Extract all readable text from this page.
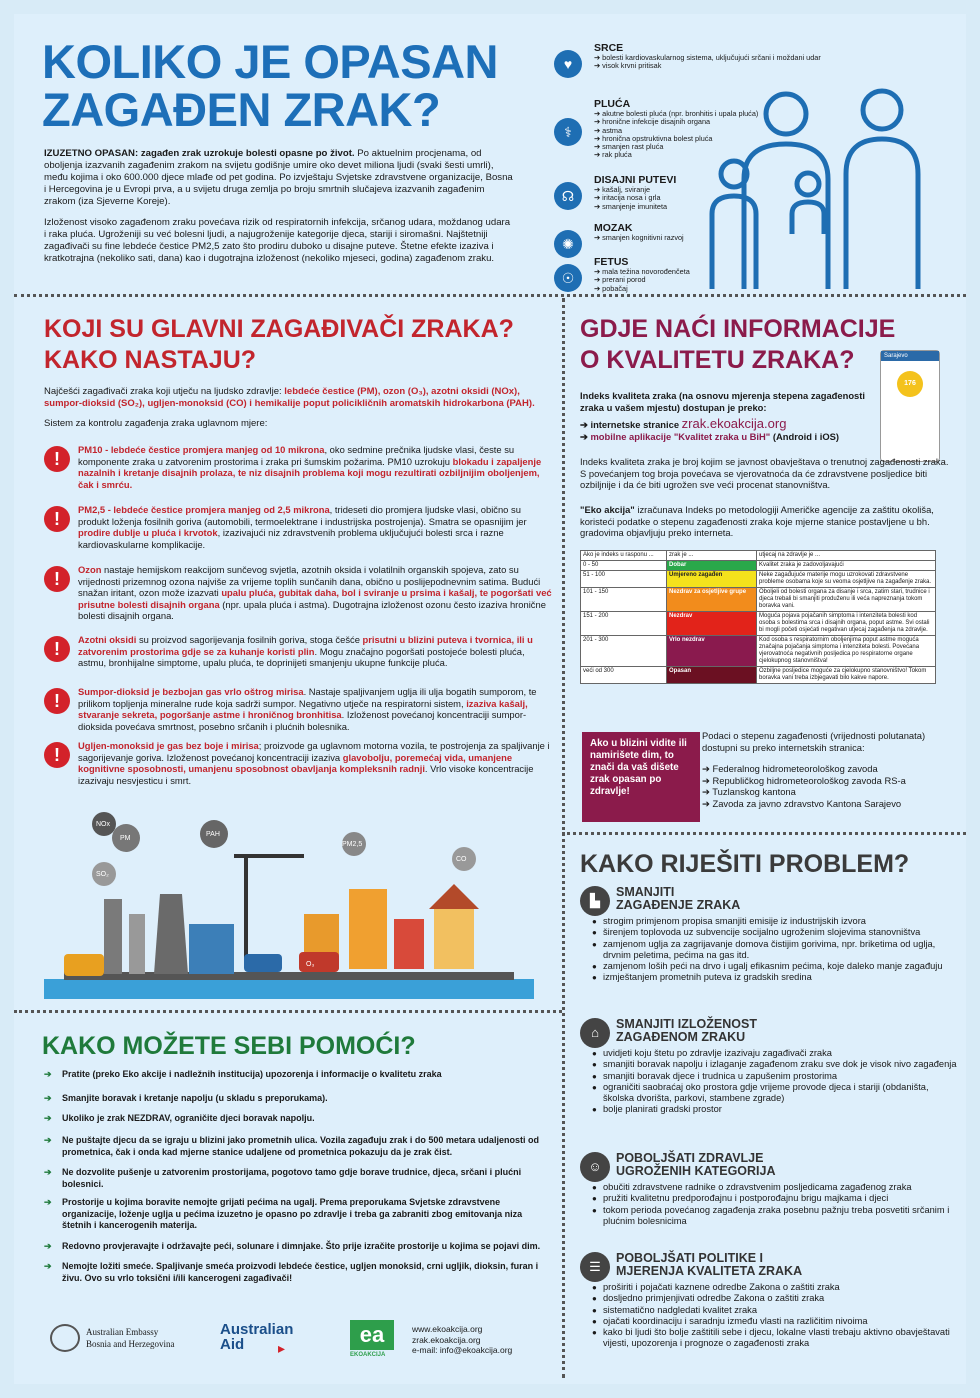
KOLIKO JE OPASAN
ZAGAĐEN ZRAK?

IZUZETNO OPASAN: zagađen zrak uzrokuje bolesti opasne po život. Po aktuelnim procjenama, od oboljenja izazvanih zagađenim zrakom na svijetu godišnje umire oko devet miliona ljudi (svaki šesti umrli), među kojima i oko 600.000 djece mlađe od pet godina. Po izvještaju Svjetske zdravstvene organizacije, Bosna i Hercegovina je u Evropi prva, a u svijetu druga zemlja po broju smrtnih slučajeva izazvanih zagađenim zrakom (iza Sjeverne Koreje).

Izloženost visoko zagađenom zraku povećava rizik od respiratornih infekcija, srčanog udara, moždanog udara i raka pluća. Ugroženiji su već bolesni ljudi, a najugroženije kategorije djeca, stariji i siromašni. Najštetniji zagađivači su fine lebdeće čestice PM2,5 zato što prodiru duboko u disajne puteve. Štetne efekte izaziva i kratkotrajna (nekoliko sati, dana) kao i dugotrajna izloženost (nekoliko mjeseci, godina) zagađenom zraku.

♥
SRCE
➔ bolesti kardiovaskularnog sistema, uključujući srčani i moždani udar
➔ visok krvni pritisak
⚕
PLUĆA
➔ akutne bolesti pluća (npr. bronhitis i upala pluća)
➔ hronične infekcije disajnih organa
➔ astma
➔ hronična opstruktivna bolest pluća
➔ smanjen rast pluća
➔ rak pluća
☊
DISAJNI PUTEVI
➔ kašalj, sviranje
➔ iritacija nosa i grla
➔ smanjenje imuniteta
✺
MOZAK
➔ smanjen kognitivni razvoj
☉
FETUS
➔ mala težina novorođenčeta
➔ prerani porod
➔ pobačaj
KOJI SU GLAVNI ZAGAĐIVAČI ZRAKA?
KAKO NASTAJU?

Najčešći zagađivači zraka koji utječu na ljudsko zdravlje: lebdeće čestice (PM), ozon (O₃), azotni oksidi (NOx), sumpor-dioksid (SO₂), ugljen-monoksid (CO) i hemikalije poput policikličnih aromatskih hidrokarbona (PAH).

Sistem za kontrolu zagađenja zraka uglavnom mjere:

!	PM10 - lebdeće čestice promjera manjeg od 10 mikrona, oko sedmine prečnika ljudske vlasi, česte su komponente zraka u zatvorenim prostorima i zraka pri šumskim požarima. PM10 uzrokuju blokadu i zapaljenje nazalnih i kretanje disajnih prolaza, te niz disajnih problema koji mogu rezultirati ozbiljnijim oboljenjem, čak i smrću.
!	PM2,5 - lebdeće čestice promjera manjeg od 2,5 mikrona, trideseti dio promjera ljudske vlasi, obično su produkt loženja fosilnih goriva (automobili, termoelektrane i industrijska postrojenja). Smatra se opasnijim jer prodire dublje u pluća i krvotok, izazivajući niz zdravstvenih problema uključujući bolesti srca i razne kardiovaskularne komplikacije.
!	Ozon nastaje hemijskom reakcijom sunčevog svjetla, azotnih oksida i volatilnih organskih spojeva, zato su vrijednosti prizemnog ozona najviše za vrijeme toplih sunčanih dana, obično u poslijepodnevnim satima. Budući snažan iritant, ozon može izazvati upalu pluća, gubitak daha, bol i sviranje u prsima i kašalj, te pogoršati već prisutne bolesti disajnih organa (npr. upala pluća i astma). Dugotrajna izloženost ozonu često izaziva hronične bolesti disajnih organa.
!	Azotni oksidi su proizvod sagorijevanja fosilnih goriva, stoga češće prisutni u blizini puteva i tvornica, ili u zatvorenim prostorima gdje se za kuhanje koristi plin. Mogu značajno pogoršati postojeće bolesti pluća, astmu, bronhijalne simptome, upalu pluća, te doprinijeti smanjenju ukupne funkcije pluća.
!	Sumpor-dioksid je bezbojan gas vrlo oštrog mirisa. Nastaje spaljivanjem uglja ili ulja bogatih sumporom, te prilikom topljenja mineralne rude koja sadrži sumpor. Negativno utječe na respiratorni sistem, izaziva kašalj, stvaranje sekreta, pogoršanje astme i hroničnog bronhitisa. Izloženost povećanoj koncentraciji sumpor-dioksida povećava smrtnost, posebno srčanih i plućnih bolesnika.
!	Ugljen-monoksid je gas bez boje i mirisa; proizvode ga uglavnom motorna vozila, te postrojenja za spaljivanje i sagorijevanje goriva. Izloženost povećanoj koncentraciji izaziva glavobolju, poremećaj vida, umanjene kognitivne sposobnosti, umanjenu sposobnost obavljanja kompleksnih radnji. Vrlo visoke koncentracije izazivaju nesvjesticu i smrt.
NOx
PM
PAH
PM2,5
CO
SO₂
O₃
KAKO MOŽETE SEBI POMOĆI?
➔ Pratite (preko Eko akcije i nadležnih institucija) upozorenja i informacije o kvalitetu zraka
➔ Smanjite boravak i kretanje napolju (u skladu s preporukama).
➔ Ukoliko je zrak NEZDRAV, ograničite djeci boravak napolju.
➔ Ne puštajte djecu da se igraju u blizini jako prometnih ulica. Vozila zagađuju zrak i do 500 metara udaljenosti od prometnica, čak i onda kad mjerne stanice udaljene od prometnica pokazuju da je zrak čist.
➔ Ne dozvolite pušenje u zatvorenim prostorijama, pogotovo tamo gdje borave trudnice, djeca, srčani i plućni bolesnici.
➔ Prostorije u kojima boravite nemojte grijati pećima na ugalj. Prema preporukama Svjetske zdravstvene organizacije, loženje uglja u pećima izuzetno je opasno po zdravlje i treba ga zabraniti zbog emitovanja niza štetnih i kancerogenih materija.
➔ Redovno provjeravajte i održavajte peći, solunare i dimnjake. Što prije izračite prostorije u kojima se pojavi dim.
➔ Nemojte ložiti smeće. Spaljivanje smeća proizvodi lebdeće čestice, ugljen monoksid, crni ugljik, dioksin, furan i živu. Ovo su vrlo toksični i/ili kancerogeni zagađivači!
Australian Embassy
Bosnia and Herzegovina
Australian
Aid	▸
ea
EKOAKCIJA
www.ekoakcija.org
zrak.ekoakcija.org
e-mail: info@ekoakcija.org
GDJE NAĆI INFORMACIJE
O KVALITETU ZRAKA?	Sarajevo
176
Indeks kvaliteta zraka (na osnovu mjerenja stepena zagađenosti zraka u vašem mjestu) dostupan je preko:
➔ internetske stranice zrak.ekoakcija.org
➔ mobilne aplikacije "Kvalitet zraka u BiH" (Android i iOS)
Indeks kvaliteta zraka je broj kojim se javnost obavještava o trenutnoj zagađenosti zraka. S povećanjem tog broja povećava se vjerovatnoća da će zdravstvene posljedice biti ozbiljnije i da će biti ugrožen sve veći procenat stanovništva.
"Eko akcija" izračunava Indeks po metodologiji Američke agencije za zaštitu okoliša, koristeći podatke o stepenu zagađenosti zraka koje mjerne stanice postavljene u bh. gradovima objavljuju preko interneta.
Ako je indeks u rasponu ...	zrak je ...	utjecaj na zdravlje je ...
0 - 50	Dobar	Kvalitet zraka je zadovoljavajući
51 - 100	Umjereno zagađen	Neke zagađujuće materije mogu uzrokovati zdravstvene probleme osobama koje su veoma osjetljive na zagađenje zraka.
101 - 150	Nezdrav za osjetljive grupe	Oboljeli od bolesti organa za disanje i srca, zatim stari, trudnice i djeca trebali bi smanjiti produženu ili veća napreznanja tokom boravka vani.
151 - 200	Nezdrav	Moguća pojava pojačanih simptoma i intenziteta bolesti kod osoba s bolestima srca i disajnih organa, poput astme. Svi ostali bi mogli početi osjećati negativan utjecaj zagađenja na zdravlje.
201 - 300	Vrlo nezdrav	Kod osoba s respiratornim oboljenjima poput astme moguća značajna pojačanja simptoma i intenziteta bolesti. Povećana vjerovatnoća negativnih posljedica po respiratorne organe cjelokupnog stanovništva!
veći od 300	Opasan	Ozbiljne posljedice moguće za cjelokupno stanovništvo! Tokom boravka vani treba izbjegavati bilo kakve napore.
Ako u blizini vidite ili namirišete dim, to znači da vaš dišete zrak opasan po zdravlje!

Podaci o stepenu zagađenosti (vrijednosti polutanata) dostupni su preko internetskih stranica:

➔ Federalnog hidrometeorološkog zavoda

➔ Republičkog hidrometeorološkog zavoda RS-a

➔ Tuzlanskog kantona

➔ Zavoda za javno zdravstvo Kantona Sarajevo

KAKO RIJEŠITI PROBLEM?
▙
SMANJITI
ZAGAĐENJE ZRAKA
● strogim primjenom propisa smanjiti emisije iz industrijskih izvora
● širenjem toplovoda uz subvencije socijalno ugroženim slojevima stanovništva
● zamjenom uglja za zagrijavanje domova čistijim gorivima, npr. briketima od uglja, drvnim peletima, pećima na gas itd.
● zamjenom loših peći na drvo i ugalj efikasnim pećima, koje daleko manje zagađuju
● izmještanjem prometnih puteva iz gradskih sredina
⌂
SMANJITI IZLOŽENOST
ZAGAĐENOM ZRAKU
● uvidjeti koju štetu po zdravlje izazivaju zagađivači zraka
● smanjiti boravak napolju i izlaganje zagađenom zraku sve dok je visok nivo zagađenja
● smanjiti boravak djece i trudnica u zapušenim prostorima
● ograničiti saobraćaj oko prostora gdje vrijeme provode djeca i stariji (obdaništa, školska dvorišta, parkovi, stambene zgrade)
● bolje planirati gradski prostor
☺
POBOLJŠATI ZDRAVLJE
UGROŽENIH KATEGORIJA
● obučiti zdravstvene radnike o zdravstvenim posljedicama zagađenog zraka
● pružiti kvalitetnu predporođajnu i postporođajnu brigu majkama i djeci
● tokom perioda povećanog zagađenja zraka posebnu pažnju treba posvetiti srčanim i plućnim bolesnicima
☰
POBOLJŠATI POLITIKE I
MJERENJA KVALITETA ZRAKA
● proširiti i pojačati kaznene odredbe Zakona o zaštiti zraka
● dosljedno primjenjivati odredbe Zakona o zaštiti zraka
● sistematično nadgledati kvalitet zraka
● ojačati koordinaciju i saradnju između vlasti na različitim nivoima
● kako bi ljudi što bolje zaštitili sebe i djecu, lokalne vlasti trebaju aktivno obavještavati vijesti, upozorenja i prognoze o zagađenosti zraka
